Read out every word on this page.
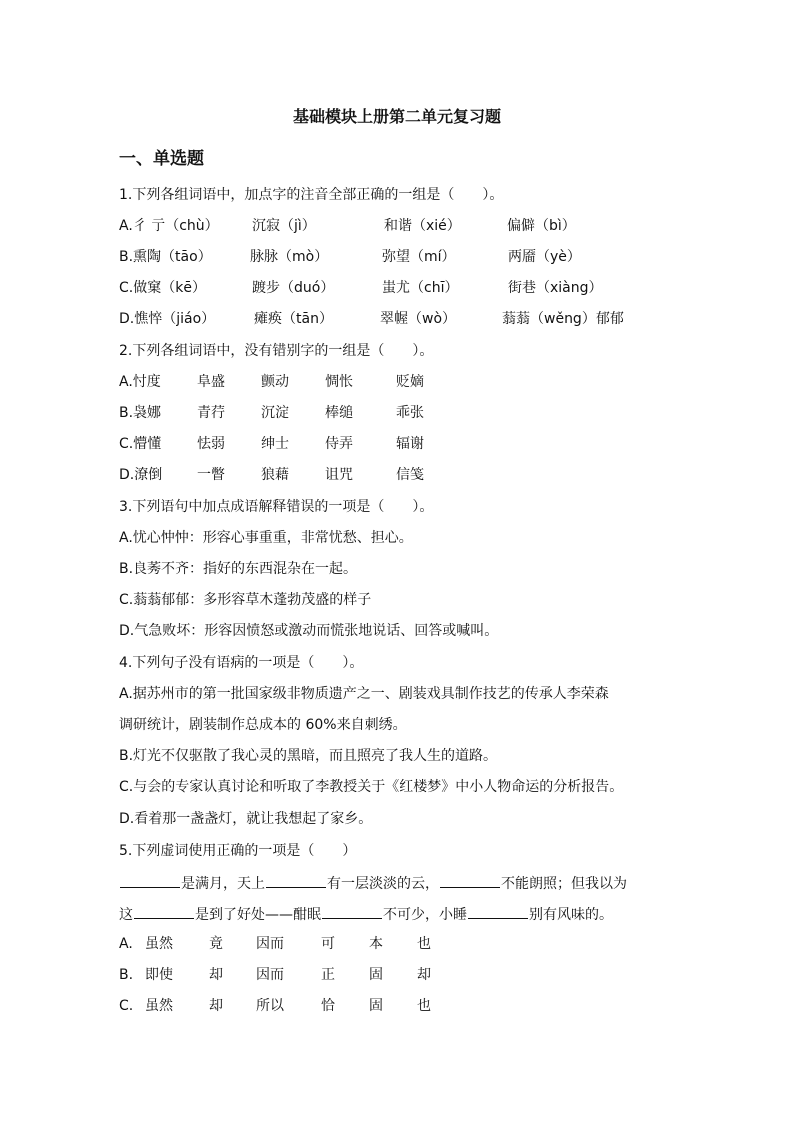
基础模块上册第二单元复习题
一、单选题
1.下列各组词语中，加点字的注音全部正确的一组是（　　）。
A.彳 亍（chù） 沉寂（jì）	和谐（xié）	偏僻（bì）
B.熏陶（tāo）	脉脉（mò）	弥望（mí）	两靥（yè）
C.做窠（kē）	踱步（duó）	蚩尤（chī）	街巷（xiàng）
D.憔悴（jiáo）	瘫痪（tān）	翠幄（wò）	蓊蓊（wěng）郁郁
2.下列各组词语中，没有错别字的一组是（　　）。
A.忖度	阜盛	颤动	惆怅	贬嫡
B.袅娜	青荇	沉淀	棒缒	乖张
C.懵懂	怯弱	绅士	侍弄	辐谢
D.潦倒 一瞥	狼藉	诅咒	信笺
3.下列语句中加点成语解释错误的一项是（　　）。
A.忧心忡忡：形容心事重重，非常忧愁、担心。
B.良莠不齐：指好的东西混杂在一起。
C.蓊蓊郁郁：多形容草木蓬勃茂盛的样子
D.气急败坏：形容因愤怒或激动而慌张地说话、回答或喊叫。
4.下列句子没有语病的一项是（　　）。
A.据苏州市的第一批国家级非物质遗产之一、剧装戏具制作技艺的传承人李荣森
调研统计，剧装制作总成本的 60%来自刺绣。
B.灯光不仅驱散了我心灵的黑暗，而且照亮了我人生的道路。
C.与会的专家认真讨论和听取了李教授关于《红楼梦》中小人物命运的分析报告。
D.看着那一盏盏灯，就让我想起了家乡。
5.下列虚词使用正确的一项是（　　）
是满月，天上	有一层淡淡的云，	不能朗照；但我以为
这	是到了好处——酣眠	不可少，小睡	别有风味的。
A. 虽然	竟 因而	可 本 也
B. 即使	却 因而	正 固 却
C. 虽然	却 所以	恰 固 也
